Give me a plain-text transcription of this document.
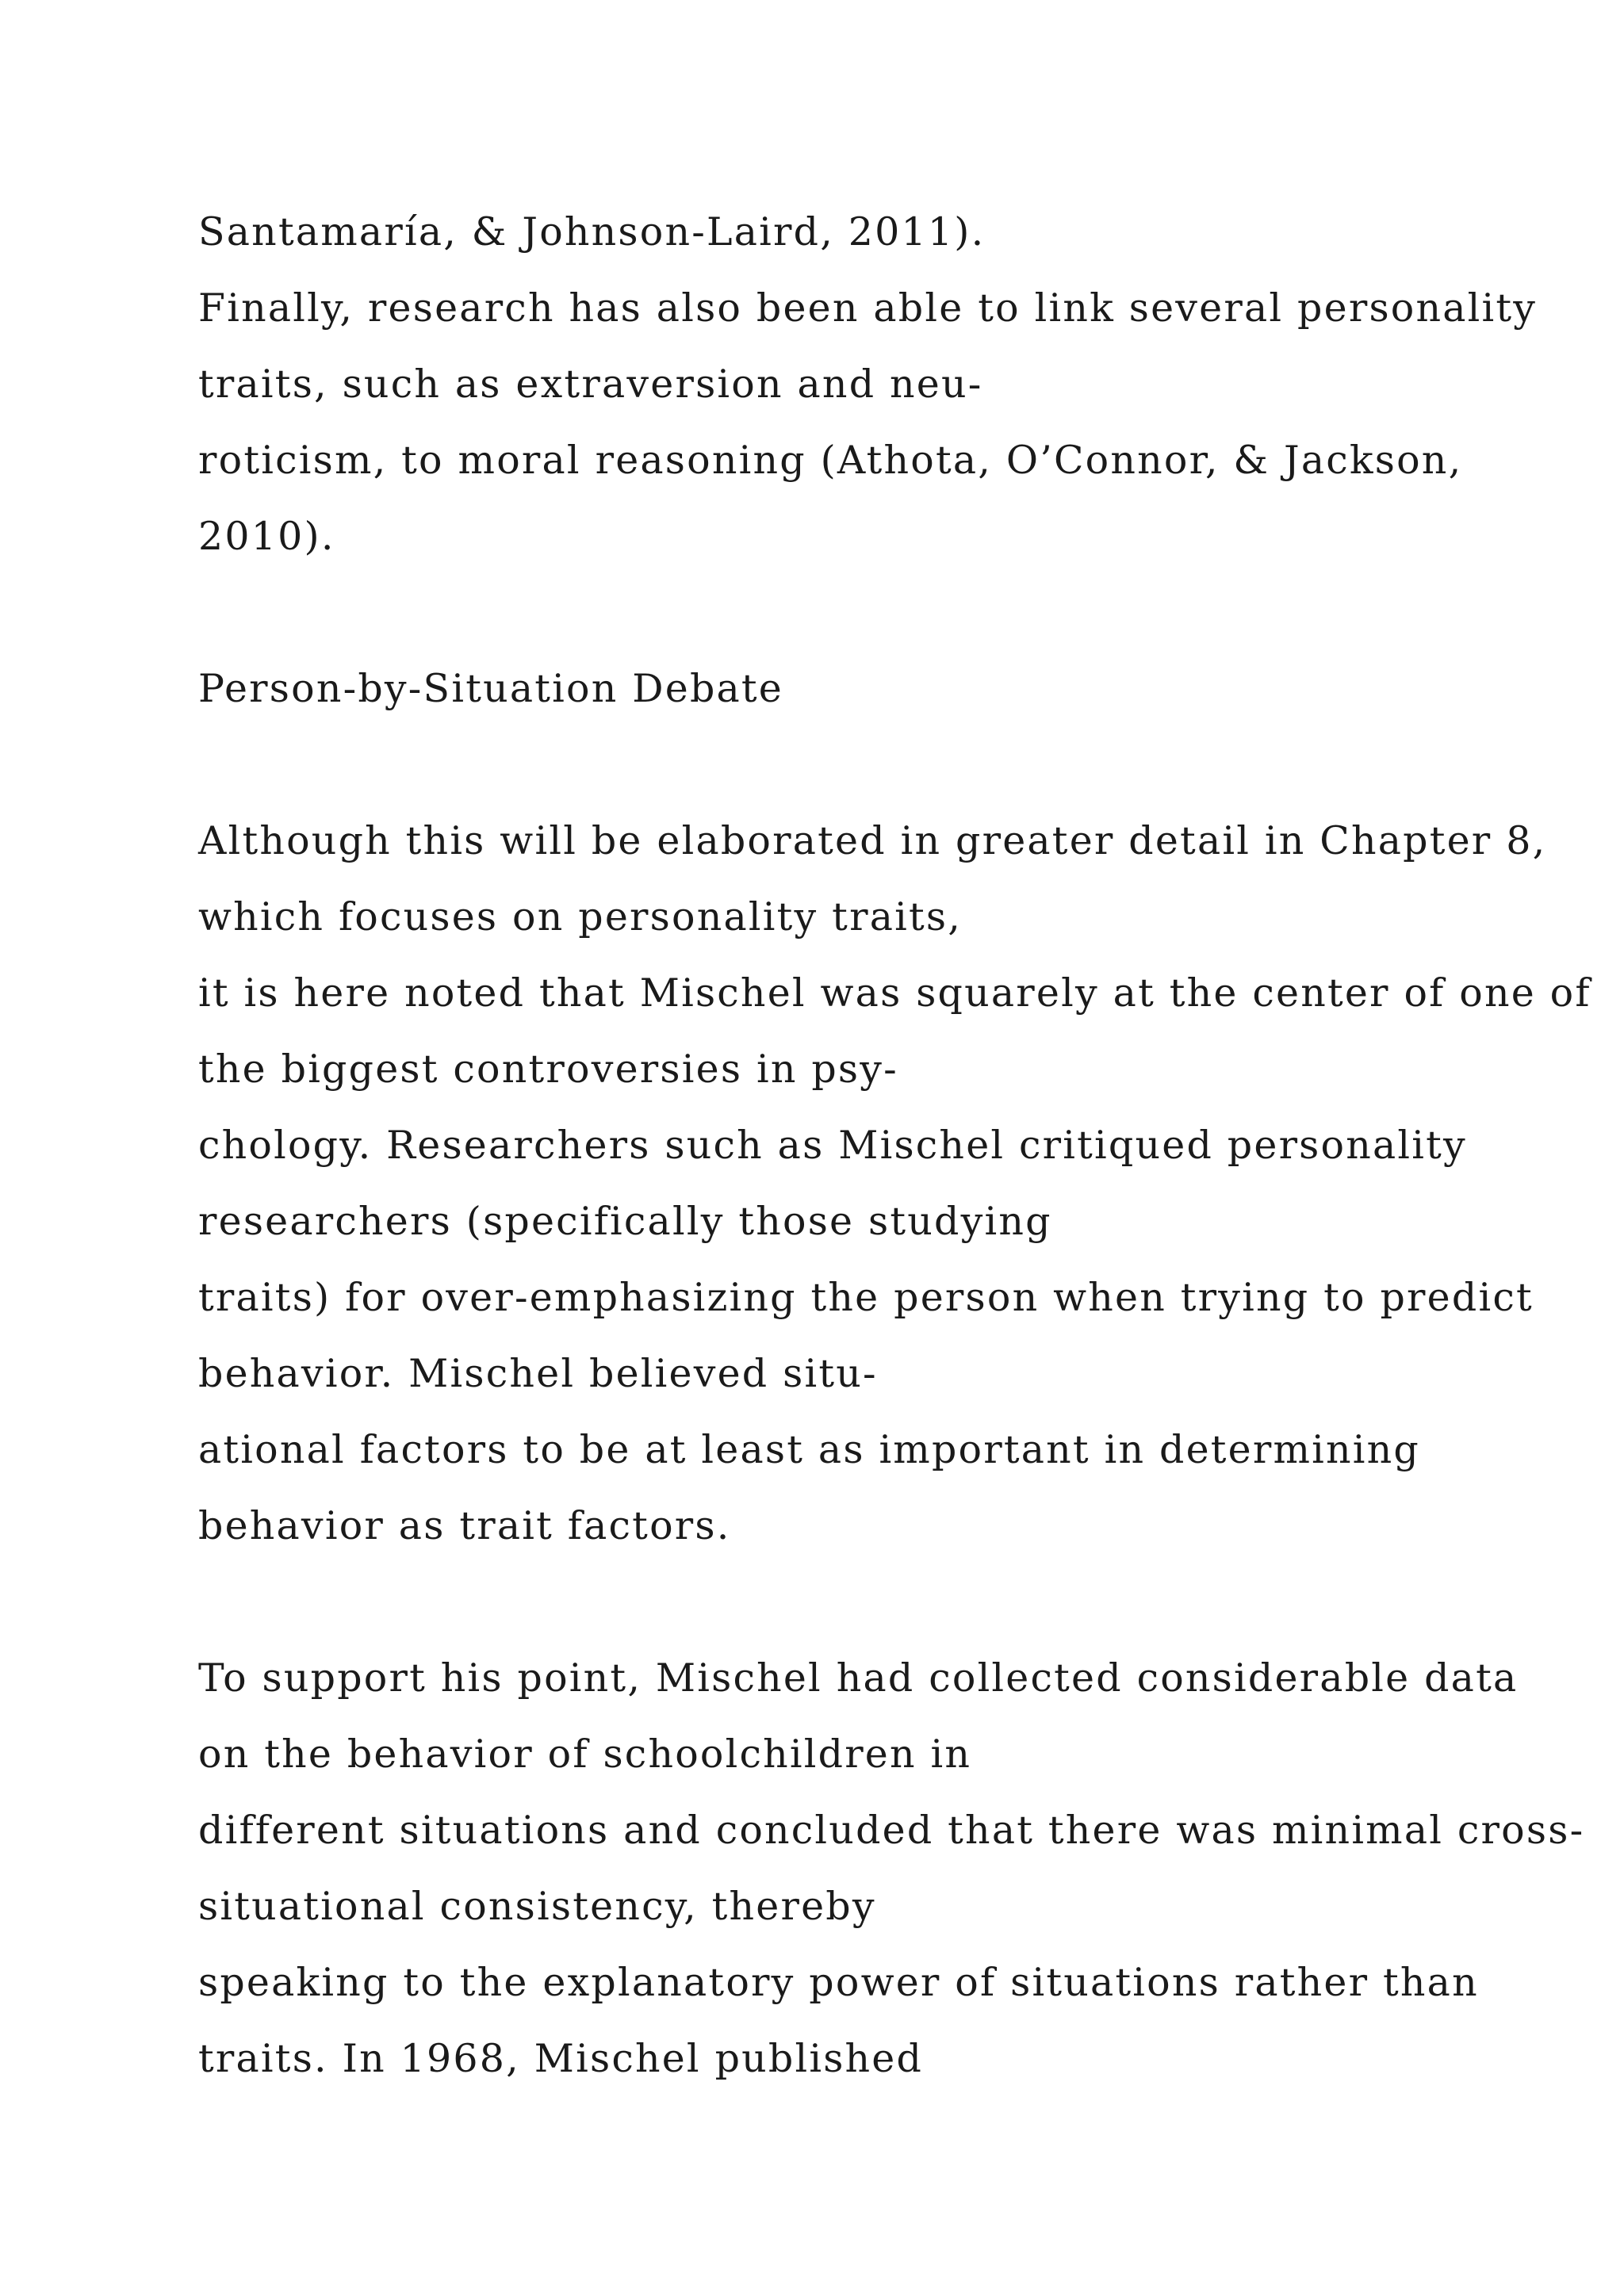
Santamaría, & Johnson-Laird, 2011).
Finally, research has also been able to link several personality
traits, such as extraversion and neu-
roticism, to moral reasoning (Athota, O’Connor, & Jackson,
2010).
Person-by-Situation Debate
Although this will be elaborated in greater detail in Chapter 8,
which focuses on personality traits,
it is here noted that Mischel was squarely at the center of one of
the biggest controversies in psy-
chology. Researchers such as Mischel critiqued personality
researchers (specifically those studying
traits) for over-emphasizing the person when trying to predict
behavior. Mischel believed situ-
ational factors to be at least as important in determining
behavior as trait factors.
To support his point, Mischel had collected considerable data
on the behavior of schoolchildren in
different situations and concluded that there was minimal cross-
situational consistency, thereby
speaking to the explanatory power of situations rather than
traits. In 1968, Mischel published
